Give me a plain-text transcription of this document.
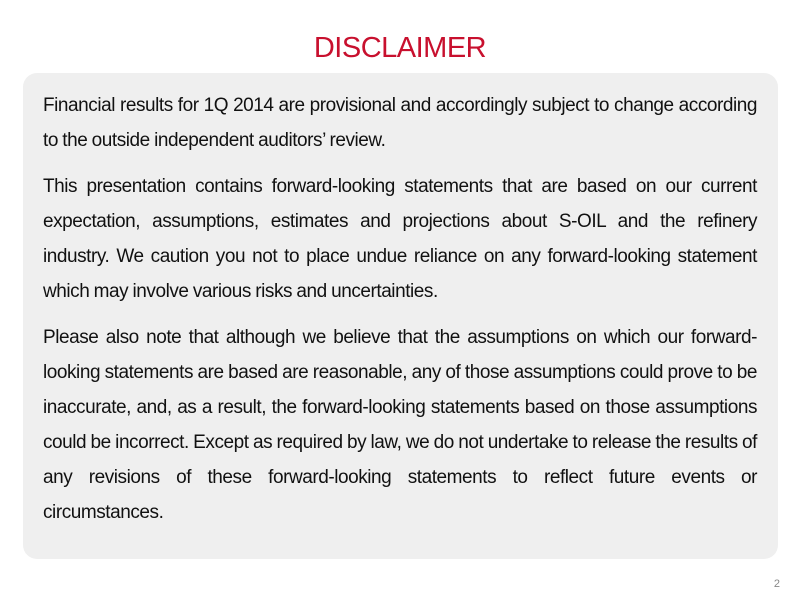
DISCLAIMER

Financial results for 1Q 2014 are provisional and accordingly subject to change according to the outside independent auditors’ review.

This presentation contains forward-looking statements that are based on our current expectation, assumptions, estimates and projections about S-OIL and the refinery industry. We caution you not to place undue reliance on any forward-looking statement which may involve various risks and uncertainties.

Please also note that although we believe that the assumptions on which our forward-looking statements are based are reasonable, any of those assumptions could prove to be inaccurate, and, as a result, the forward-looking statements based on those assumptions could be incorrect. Except as required by law, we do not undertake to release the results of any revisions of these forward-looking statements to reflect future events or circumstances.

2
